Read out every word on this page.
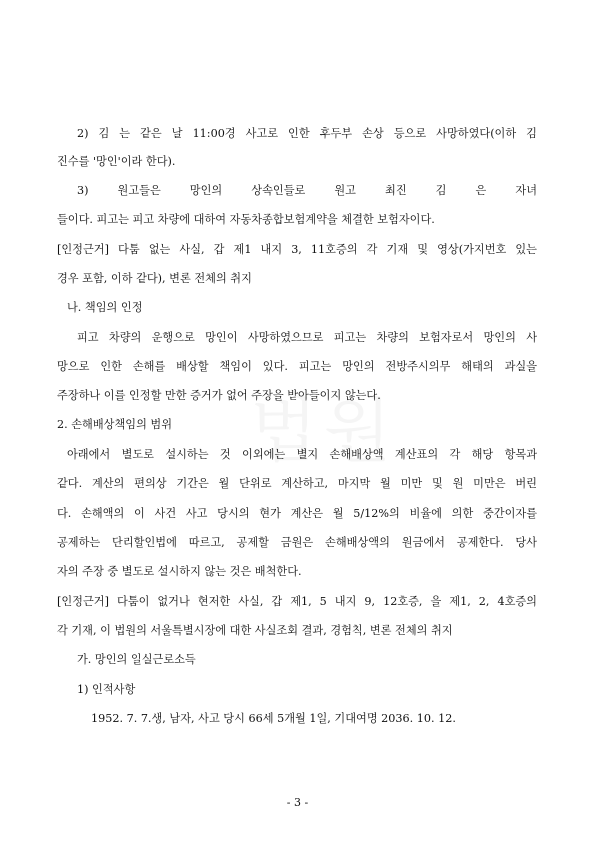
2) 김 는 같은 날 11:00경 사고로 인한 후두부 손상 등으로 사망하였다(이하 김
진수를 '망인'이라 한다).
3) 원고들은 망인의 상속인들로 원고 최진 김 은 자녀
들이다. 피고는 피고 차량에 대하여 자동차종합보험계약을 체결한 보험자이다.
[인정근거] 다툼 없는 사실, 갑 제1 내지 3, 11호증의 각 기재 및 영상(가지번호 있는
경우 포함, 이하 같다), 변론 전체의 취지
나. 책임의 인정
피고 차량의 운행으로 망인이 사망하였으므로 피고는 차량의 보험자로서 망인의 사
망으로 인한 손해를 배상할 책임이 있다. 피고는 망인의 전방주시의무 해태의 과실을
주장하나 이를 인정할 만한 증거가 없어 주장을 받아들이지 않는다.
2. 손해배상책임의 범위
아래에서 별도로 설시하는 것 이외에는 별지 손해배상액 계산표의 각 해당 항목과
같다. 계산의 편의상 기간은 월 단위로 계산하고, 마지막 월 미만 및 원 미만은 버린
다. 손해액의 이 사건 사고 당시의 현가 계산은 월 5/12%의 비율에 의한 중간이자를
공제하는 단리할인법에 따르고, 공제할 금원은 손해배상액의 원금에서 공제한다. 당사
자의 주장 중 별도로 설시하지 않는 것은 배척한다.
[인정근거] 다툼이 없거나 현저한 사실, 갑 제1, 5 내지 9, 12호증, 을 제1, 2, 4호증의
각 기재, 이 법원의 서울특별시장에 대한 사실조회 결과, 경험칙, 변론 전체의 취지
가. 망인의 일실근로소득
1) 인적사항
1952. 7. 7.생, 남자, 사고 당시 66세 5개월 1일, 기대여명 2036. 10. 12.
- 3 -
